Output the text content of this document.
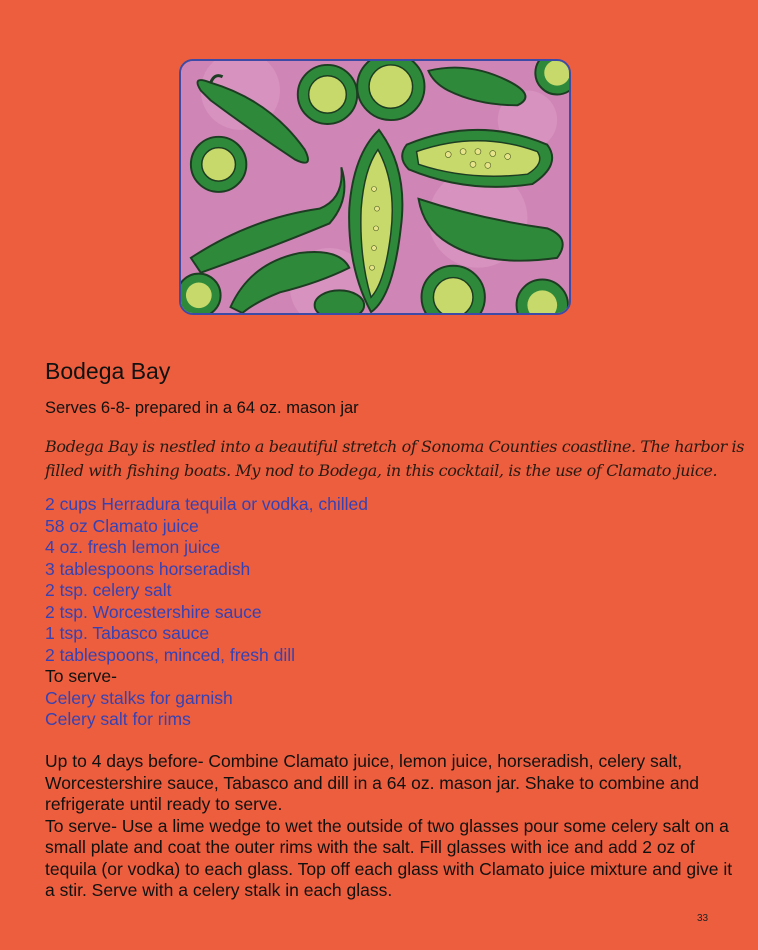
Bodega Bay
Serves 6-8- prepared in a 64 oz. mason jar

Bodega Bay is nestled into a beautiful stretch of Sonoma Counties coastline. The harbor is filled with fishing boats. My nod to Bodega, in this cocktail, is the use of Clamato juice.

2 cups Herradura tequila or vodka, chilled
58 oz Clamato juice
4 oz. fresh lemon juice
3 tablespoons horseradish
2 tsp. celery salt
2 tsp. Worcestershire sauce
1 tsp. Tabasco sauce
2 tablespoons, minced, fresh dill
To serve-
Celery stalks for garnish
Celery salt for rims

Up to 4 days before- Combine Clamato juice, lemon juice, horseradish, celery salt, Worcestershire sauce, Tabasco and dill in a 64 oz. mason jar. Shake to combine and refrigerate until ready to serve.

To serve- Use a lime wedge to wet the outside of two glasses pour some celery salt on a small plate and coat the outer rims with the salt. Fill glasses with ice and add 2 oz of tequila (or vodka) to each glass. Top off each glass with Clamato juice mixture and give it a stir. Serve with a celery stalk in each glass.

33
